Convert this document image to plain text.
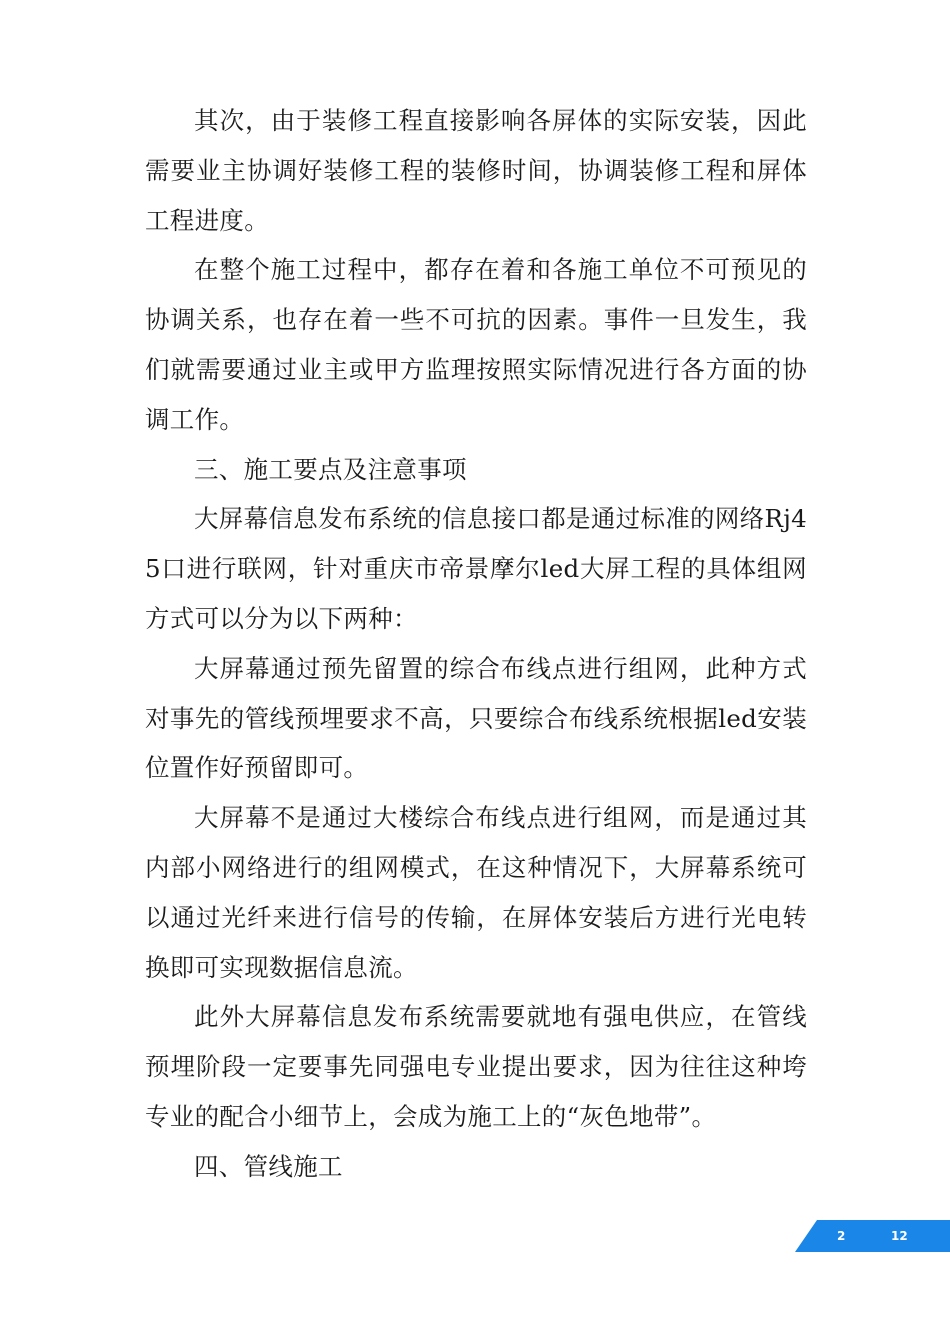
其次，由于装修工程直接影响各屏体的实际安装，因此需要业主协调好装修工程的装修时间，协调装修工程和屏体工程进度。

在整个施工过程中，都存在着和各施工单位不可预见的协调关系，也存在着一些不可抗的因素。事件一旦发生，我们就需要通过业主或甲方监理按照实际情况进行各方面的协调工作。

三、施工要点及注意事项

大屏幕信息发布系统的信息接口都是通过标准的网络Rj45口进行联网，针对重庆市帝景摩尔led大屏工程的具体组网方式可以分为以下两种：

大屏幕通过预先留置的综合布线点进行组网，此种方式对事先的管线预埋要求不高，只要综合布线系统根据led安装位置作好预留即可。

大屏幕不是通过大楼综合布线点进行组网，而是通过其内部小网络进行的组网模式，在这种情况下，大屏幕系统可以通过光纤来进行信号的传输，在屏体安装后方进行光电转换即可实现数据信息流。

此外大屏幕信息发布系统需要就地有强电供应，在管线预埋阶段一定要事先同强电专业提出要求，因为往往这种垮专业的配合小细节上，会成为施工上的“灰色地带”。

四、管线施工

2	12
